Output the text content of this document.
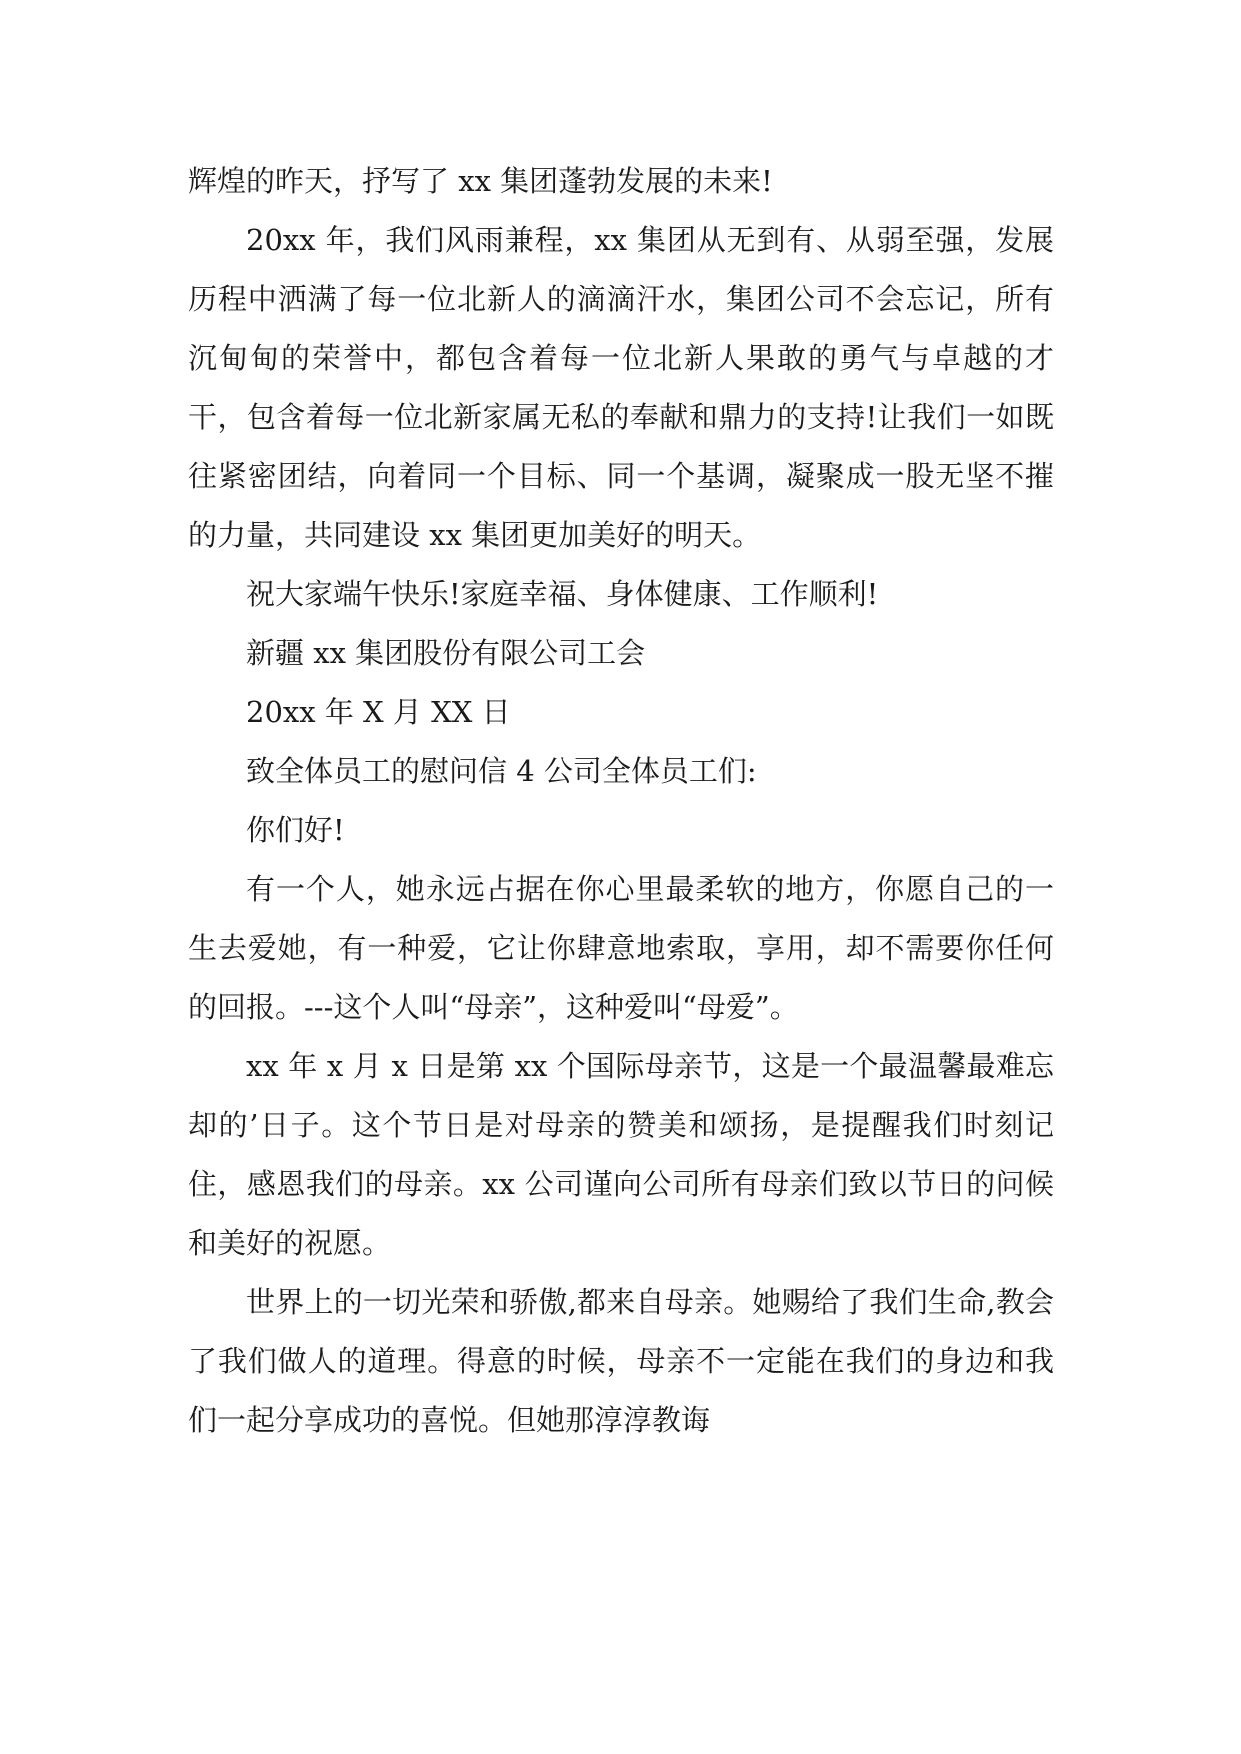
辉煌的昨天，抒写了 xx 集团蓬勃发展的未来!

20xx 年，我们风雨兼程，xx 集团从无到有、从弱至强，发展历程中洒满了每一位北新人的滴滴汗水，集团公司不会忘记，所有沉甸甸的荣誉中，都包含着每一位北新人果敢的勇气与卓越的才干，包含着每一位北新家属无私的奉献和鼎力的支持!让我们一如既往紧密团结，向着同一个目标、同一个基调，凝聚成一股无坚不摧的力量，共同建设 xx 集团更加美好的明天。

祝大家端午快乐!家庭幸福、身体健康、工作顺利!

新疆 xx 集团股份有限公司工会

20xx 年 X 月 XX 日

致全体员工的慰问信 4 公司全体员工们:

你们好!

有一个人，她永远占据在你心里最柔软的地方，你愿自己的一生去爱她，有一种爱，它让你肆意地索取，享用，却不需要你任何的回报。---这个人叫“母亲”，这种爱叫“母爱”。

xx 年 x 月 x 日是第 xx 个国际母亲节，这是一个最温馨最难忘却的’日子。这个节日是对母亲的赞美和颂扬，是提醒我们时刻记住，感恩我们的母亲。xx 公司谨向公司所有母亲们致以节日的问候和美好的祝愿。

世界上的一切光荣和骄傲,都来自母亲。她赐给了我们生命,教会了我们做人的道理。得意的时候，母亲不一定能在我们的身边和我们一起分享成功的喜悦。但她那淳淳教诲
